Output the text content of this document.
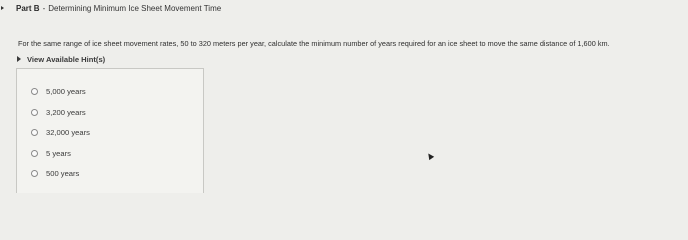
Part B - Determining Minimum Ice Sheet Movement Time
For the same range of ice sheet movement rates, 50 to 320 meters per year, calculate the minimum number of years required for an ice sheet to move the same distance of 1,600 km.
View Available Hint(s)
5,000 years
3,200 years
32,000 years
5 years
500 years
